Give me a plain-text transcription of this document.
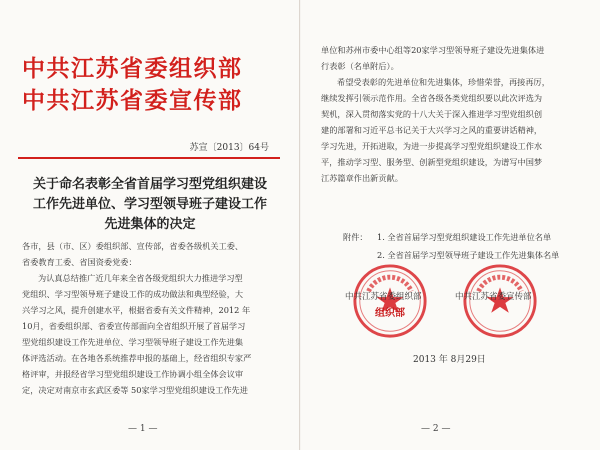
中共江苏省委组织部
中共江苏省委宣传部
苏宣〔2013〕64号
关于命名表彰全省首届学习型党组织建设
工作先进单位、学习型领导班子建设工作
先进集体的决定
各市，县（市、区）委组织部、宣传部，省委各级机关工委、
省委教育工委、省国资委党委：
为认真总结推广近几年来全省各级党组织大力推进学习型
党组织、学习型领导班子建设工作的成功做法和典型经验，大
兴学习之风，提升创建水平，根据省委有关文件精神，2012 年
10月，省委组织部、省委宣传部面向全省组织开展了首届学习
型党组织建设工作先进单位、学习型领导班子建设工作先进集
体评选活动。在各地各系统推荐申报的基础上，经省组织专家严
格评审，并报经省学习型党组织建设工作协调小组全体会议审
定，决定对南京市玄武区委等 50家学习型党组织建设工作先进
— 1 —
单位和苏州市委中心组等20家学习型领导班子建设先进集体进
行表彰（名单附后）。
希望受表彰的先进单位和先进集体，珍惜荣誉，再接再厉，
继续发挥引领示范作用。全省各级各类党组织要以此次评选为
契机，深入贯彻落实党的十八大关于深入推进学习型党组织创
建的部署和习近平总书记关于大兴学习之风的重要讲话精神，
学习先进，开拓进取，为进一步提高学习型党组织建设工作水
平，推动学习型、服务型、创新型党组织建设，为谱写中国梦
江苏篇章作出新贡献。
附件： 1. 全省首届学习型党组织建设工作先进单位名单
2. 全省首届学习型领导班子建设工作先进集体名单
中共江苏省委组织部	中共江苏省委宣传部
组织部
2013 年 8月29日
— 2 —
